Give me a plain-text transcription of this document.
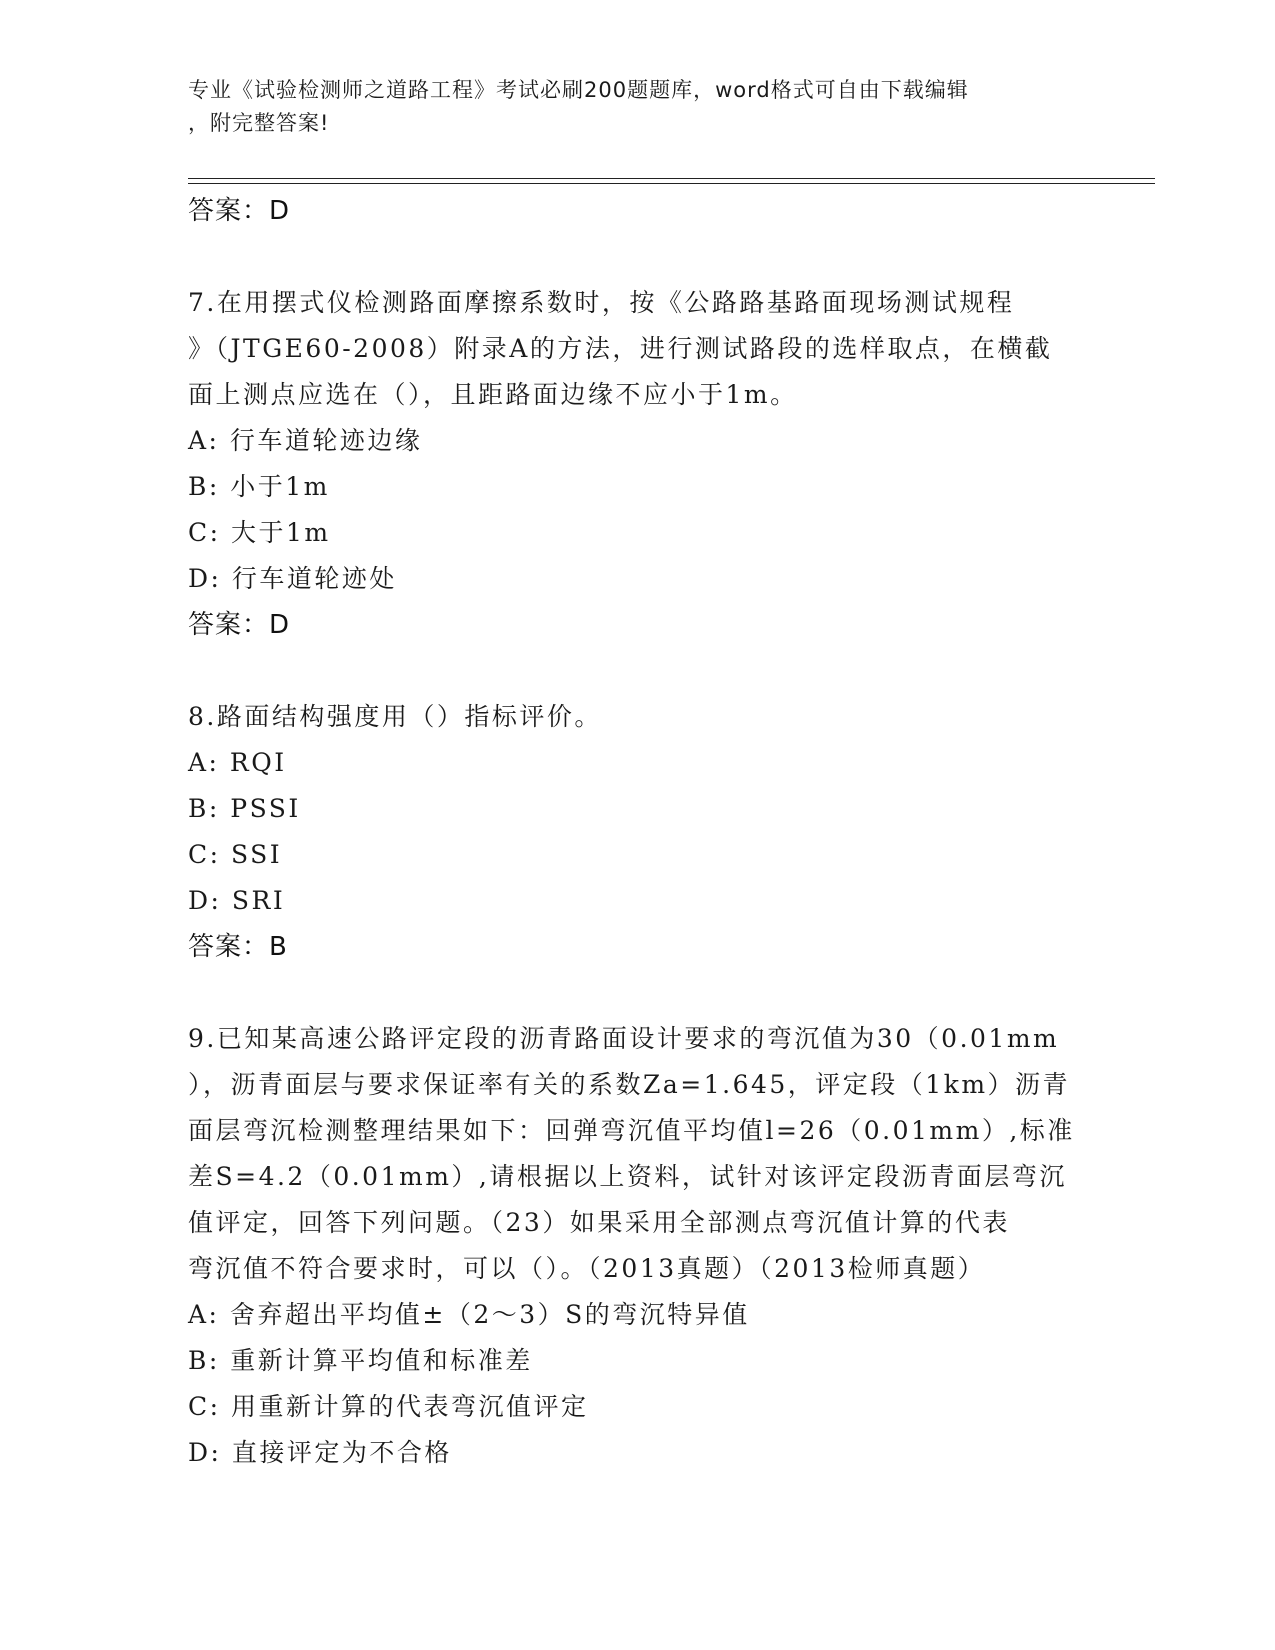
专业《试验检测师之道路工程》考试必刷200题题库，word格式可自由下载编辑
，附完整答案!
答案：D
7.在用摆式仪检测路面摩擦系数时，按《公路路基路面现场测试规程
》（JTGE60-2008）附录A的方法，进行测试路段的选样取点，在横截
面上测点应选在（），且距路面边缘不应小于1m。
A: 行车道轮迹边缘
B: 小于1m
C: 大于1m
D: 行车道轮迹处
答案：D
8.路面结构强度用（）指标评价。
A: RQI
B: PSSI
C: SSI
D: SRI
答案：B
9.已知某高速公路评定段的沥青路面设计要求的弯沉值为30（0.01mm
），沥青面层与要求保证率有关的系数Za=1.645，评定段（1km）沥青
面层弯沉检测整理结果如下：回弹弯沉值平均值l=26（0.01mm）,标准
差S=4.2（0.01mm）,请根据以上资料，试针对该评定段沥青面层弯沉
值评定，回答下列问题。（23）如果采用全部测点弯沉值计算的代表
弯沉值不符合要求时，可以（）。（2013真题）（2013检师真题）
A: 舍弃超出平均值±（2～3）S的弯沉特异值
B: 重新计算平均值和标准差
C: 用重新计算的代表弯沉值评定
D: 直接评定为不合格
